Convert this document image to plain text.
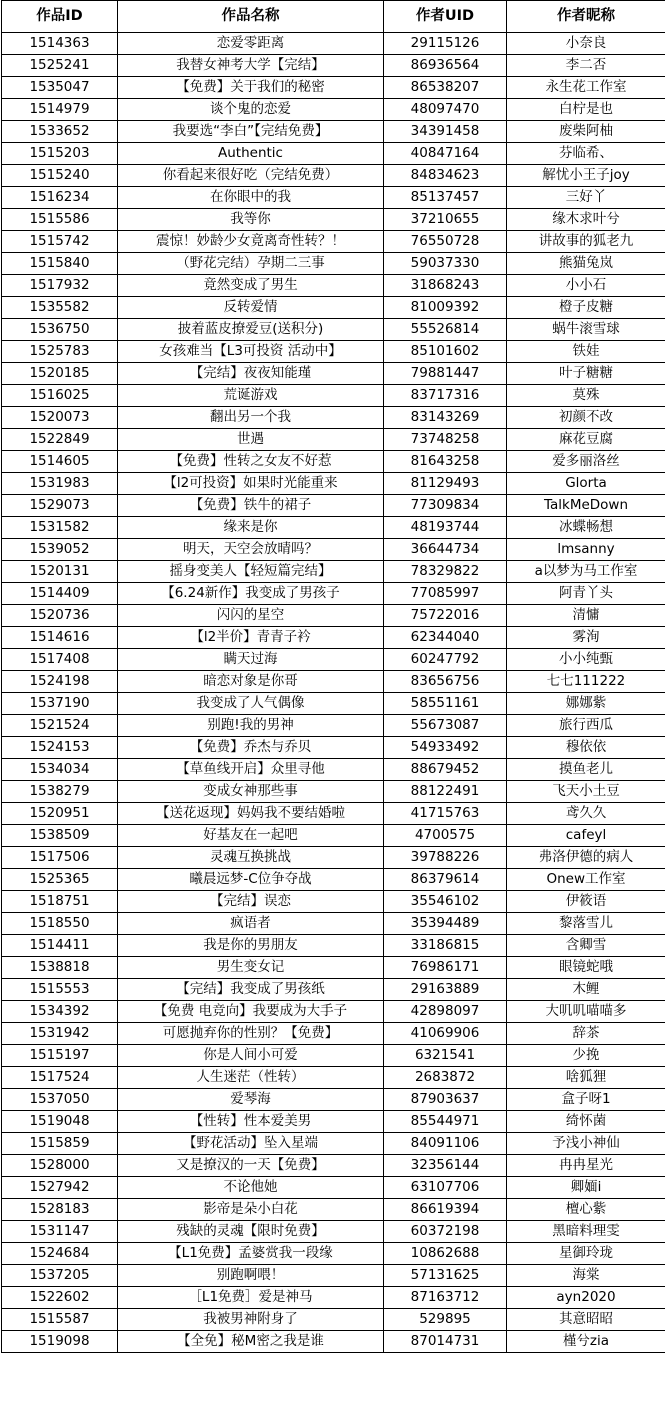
作品ID	作品名称	作者UID	作者昵称
1514363	恋爱零距离	29115126	小奈良
1525241	我替女神考大学【完结】	86936564	李二否
1535047	【免费】关于我们的秘密	86538207	永生花工作室
1514979	谈个鬼的恋爱	48097470	白柠是也
1533652	我要选“李白”【完结免费】	34391458	废柴阿柚
1515203	Authentic	40847164	芬临希、
1515240	你看起来很好吃（完结免费）	84834623	解忧小王子joy
1516234	在你眼中的我	85137457	三好丫
1515586	我等你	37210655	缘木求叶兮
1515742	震惊！妙龄少女竟离奇性转？！	76550728	讲故事的狐老九
1515840	（野花完结）孕期二三事	59037330	熊猫兔岚
1517932	竟然变成了男生	31868243	小小石
1535582	反转爱情	81009392	橙子皮糖
1536750	披着蓝皮撩爱豆(送积分)	55526814	蜗牛滚雪球
1525783	女孩难当【L3可投资 活动中】	85101602	铁娃
1520185	【完结】夜夜知能瑾	79881447	叶子糖糖
1516025	荒诞游戏	83717316	莫殊
1520073	翻出另一个我	83143269	初颜不改
1522849	世遇	73748258	麻花豆腐
1514605	【免费】性转之女友不好惹	81643258	爱多丽洛丝
1531983	【l2可投资】如果时光能重来	81129493	Glorta
1529073	【免费】铁牛的裙子	77309834	TalkMeDown
1531582	缘来是你	48193744	冰蝶畅想
1539052	明天，天空会放晴吗？	36644734	lmsanny
1520131	摇身变美人【轻短篇完结】	78329822	a以梦为马工作室
1514409	【6.24新作】我变成了男孩子	77085997	阿青丫头
1520736	闪闪的星空	75722016	清慵
1514616	【l2半价】青青子衿	62344040	雾洵
1517408	瞒天过海	60247792	小小纯甄
1524198	暗恋对象是你哥	83656756	七七111222
1537190	我变成了人气偶像	58551161	娜娜紫
1521524	别跑!我的男神	55673087	旅行西瓜
1524153	【免费】乔杰与乔贝	54933492	穆依依
1534034	【草鱼线开启】众里寻他	88679452	摸鱼老儿
1538279	变成女神那些事	88122491	飞天小土豆
1520951	【送花返现】妈妈我不要结婚啦	41715763	鸢久久
1538509	好基友在一起吧	4700575	cafeyl
1517506	灵魂互换挑战	39788226	弗洛伊德的病人
1525365	曦晨远梦-C位争夺战	86379614	Onew工作室
1518751	【完结】误恋	35546102	伊筱语
1518550	疯语者	35394489	黎落雪儿
1514411	我是你的男朋友	33186815	含卿雪
1538818	男生变女记	76986171	眼镜蛇哦
1515553	【完结】我变成了男孩纸	29163889	木鲤
1534392	【免费 电竞向】我要成为大手子	42898097	大叽叽喵喵多
1531942	可愿抛弃你的性别？【免费】	41069906	辞茶
1515197	你是人间小可爱	6321541	少挽
1517524	人生迷茫（性转）	2683872	啥狐狸
1537050	爱琴海	87903637	盒子呀1
1519048	【性转】性本爱美男	85544971	绮怀菌
1515859	【野花活动】坠入星端	84091106	予浅小神仙
1528000	又是撩汉的一天【免费】	32356144	冉冉星光
1527942	不论他她	63107706	卿媔i
1528183	影帝是朵小白花	86619394	檀心紫
1531147	残缺的灵魂【限时免费】	60372198	黑暗料理雯
1524684	【L1免费】孟婆赏我一段缘	10862688	星御玲珑
1537205	别跑啊喂！	57131625	海棠
1522602	［L1免费］爱是神马	87163712	ayn2020
1515587	我被男神附身了	529895	其意昭昭
1519098	【全免】秘M密之我是谁	87014731	槿兮zia
